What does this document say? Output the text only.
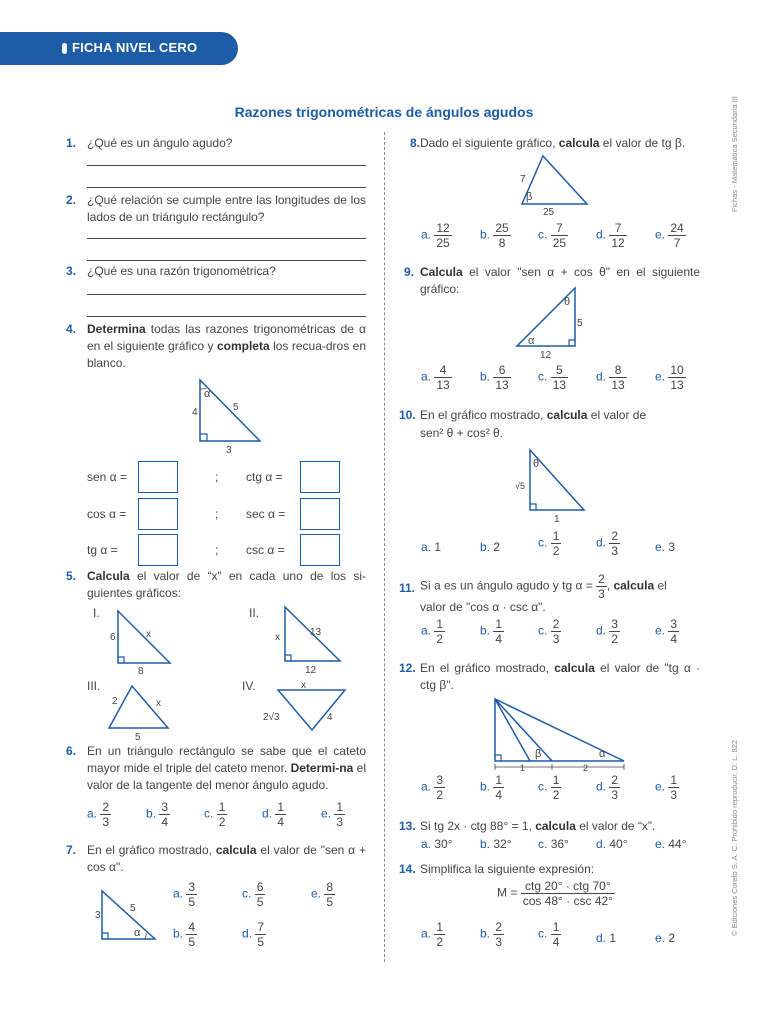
FICHA NIVEL CERO
Fichas - Matemática Secundaria III
© Ediciones Corefo S. A. C. Prohibido reproducir. D. L. 822
Razones trigonométricas de ángulos agudos
1. ¿Qué es un ángulo agudo?
2. ¿Qué relación se cumple entre las longitudes de los lados de un triángulo rectángulo?
3. ¿Qué es una razón trigonométrica?
4. Determina todas las razones trigonométricas de α en el siguiente gráfico y completa los recua-dros en blanco.
α
4	5
3
sen α =	; ctg α =
cos α =	; sec α =
tg α =	; csc α =
5. Calcula el valor de “x” en cada uno de los si-guientes gráficos:
I.
6	x
8
II.
x	13
12
III.
2	x
5
IV.	x
2√3	4
6. En un triángulo rectángulo se sabe que el cateto mayor mide el triple del cateto menor. Determi-na el valor de la tangente del menor ángulo agudo.
a. $\frac{2}{3}$	b. $\frac{3}{4}$	c. $\frac{1}{2}$	d. $\frac{1}{4}$	e. $\frac{1}{3}$
7. En el gráfico mostrado, calcula el valor de "sen α + cos α".
3
5
α
a. $\frac{3}{5}$	c. $\frac{6}{5}$	e. $\frac{8}{5}$
b. $\frac{4}{5}$	d. $\frac{7}{5}$
8.Dado el siguiente gráfico, calcula el valor de tg β.
7
β
25
a. $\frac{12}{25} b$. $\frac{25}{8} c$. $\frac{7}{25} d$. $\frac{7}{12} e$. $\frac{24}{7}$
9. Calcula el valor "sen α + cos θ" en el siguiente gráfico:
θ
5
α
12
a. $\frac{4}{13} b$. $\frac{6}{13} c$. $\frac{5}{13} d$. $\frac{8}{13} e$. $\frac{10}{13}$
10. En el gráfico mostrado, calcula el valor de
sen² θ + cos² θ.
θ
√5
1
a. 1	b. 2	c. $\frac{1}{2}$	d. $\frac{2}{3}$	e. 3
11. Si a es un ángulo agudo y tg $\alpha = \frac{2}{3}$ , calcula el
valor de "cos α · csc α".
a. $\frac{1}{2}$	b. $\frac{1}{4}$	c. $\frac{2}{3}$	d. $\frac{3}{2}$	e. $\frac{3}{4}$
12. En el gráfico mostrado, calcula el valor de "tg α · ctg β".
β	α
1	2
a. $\frac{3}{2}$	b. $\frac{1}{4}$	c. $\frac{1}{2}$	d. $\frac{2}{3}$	e. $\frac{1}{3}$
13. Si tg 2x · ctg 88° = 1, calcula el valor de “x”.
a. 30° b. 32° c. 36° d. 40° e. 44°
14. Simplifica la siguiente expresión:
M = ctg 20° · ctg 70°
cos 48° · csc 42°
a. $\frac{1}{2}$	b. $\frac{2}{3}$	c. $\frac{1}{4}$	d. 1	e. 2
